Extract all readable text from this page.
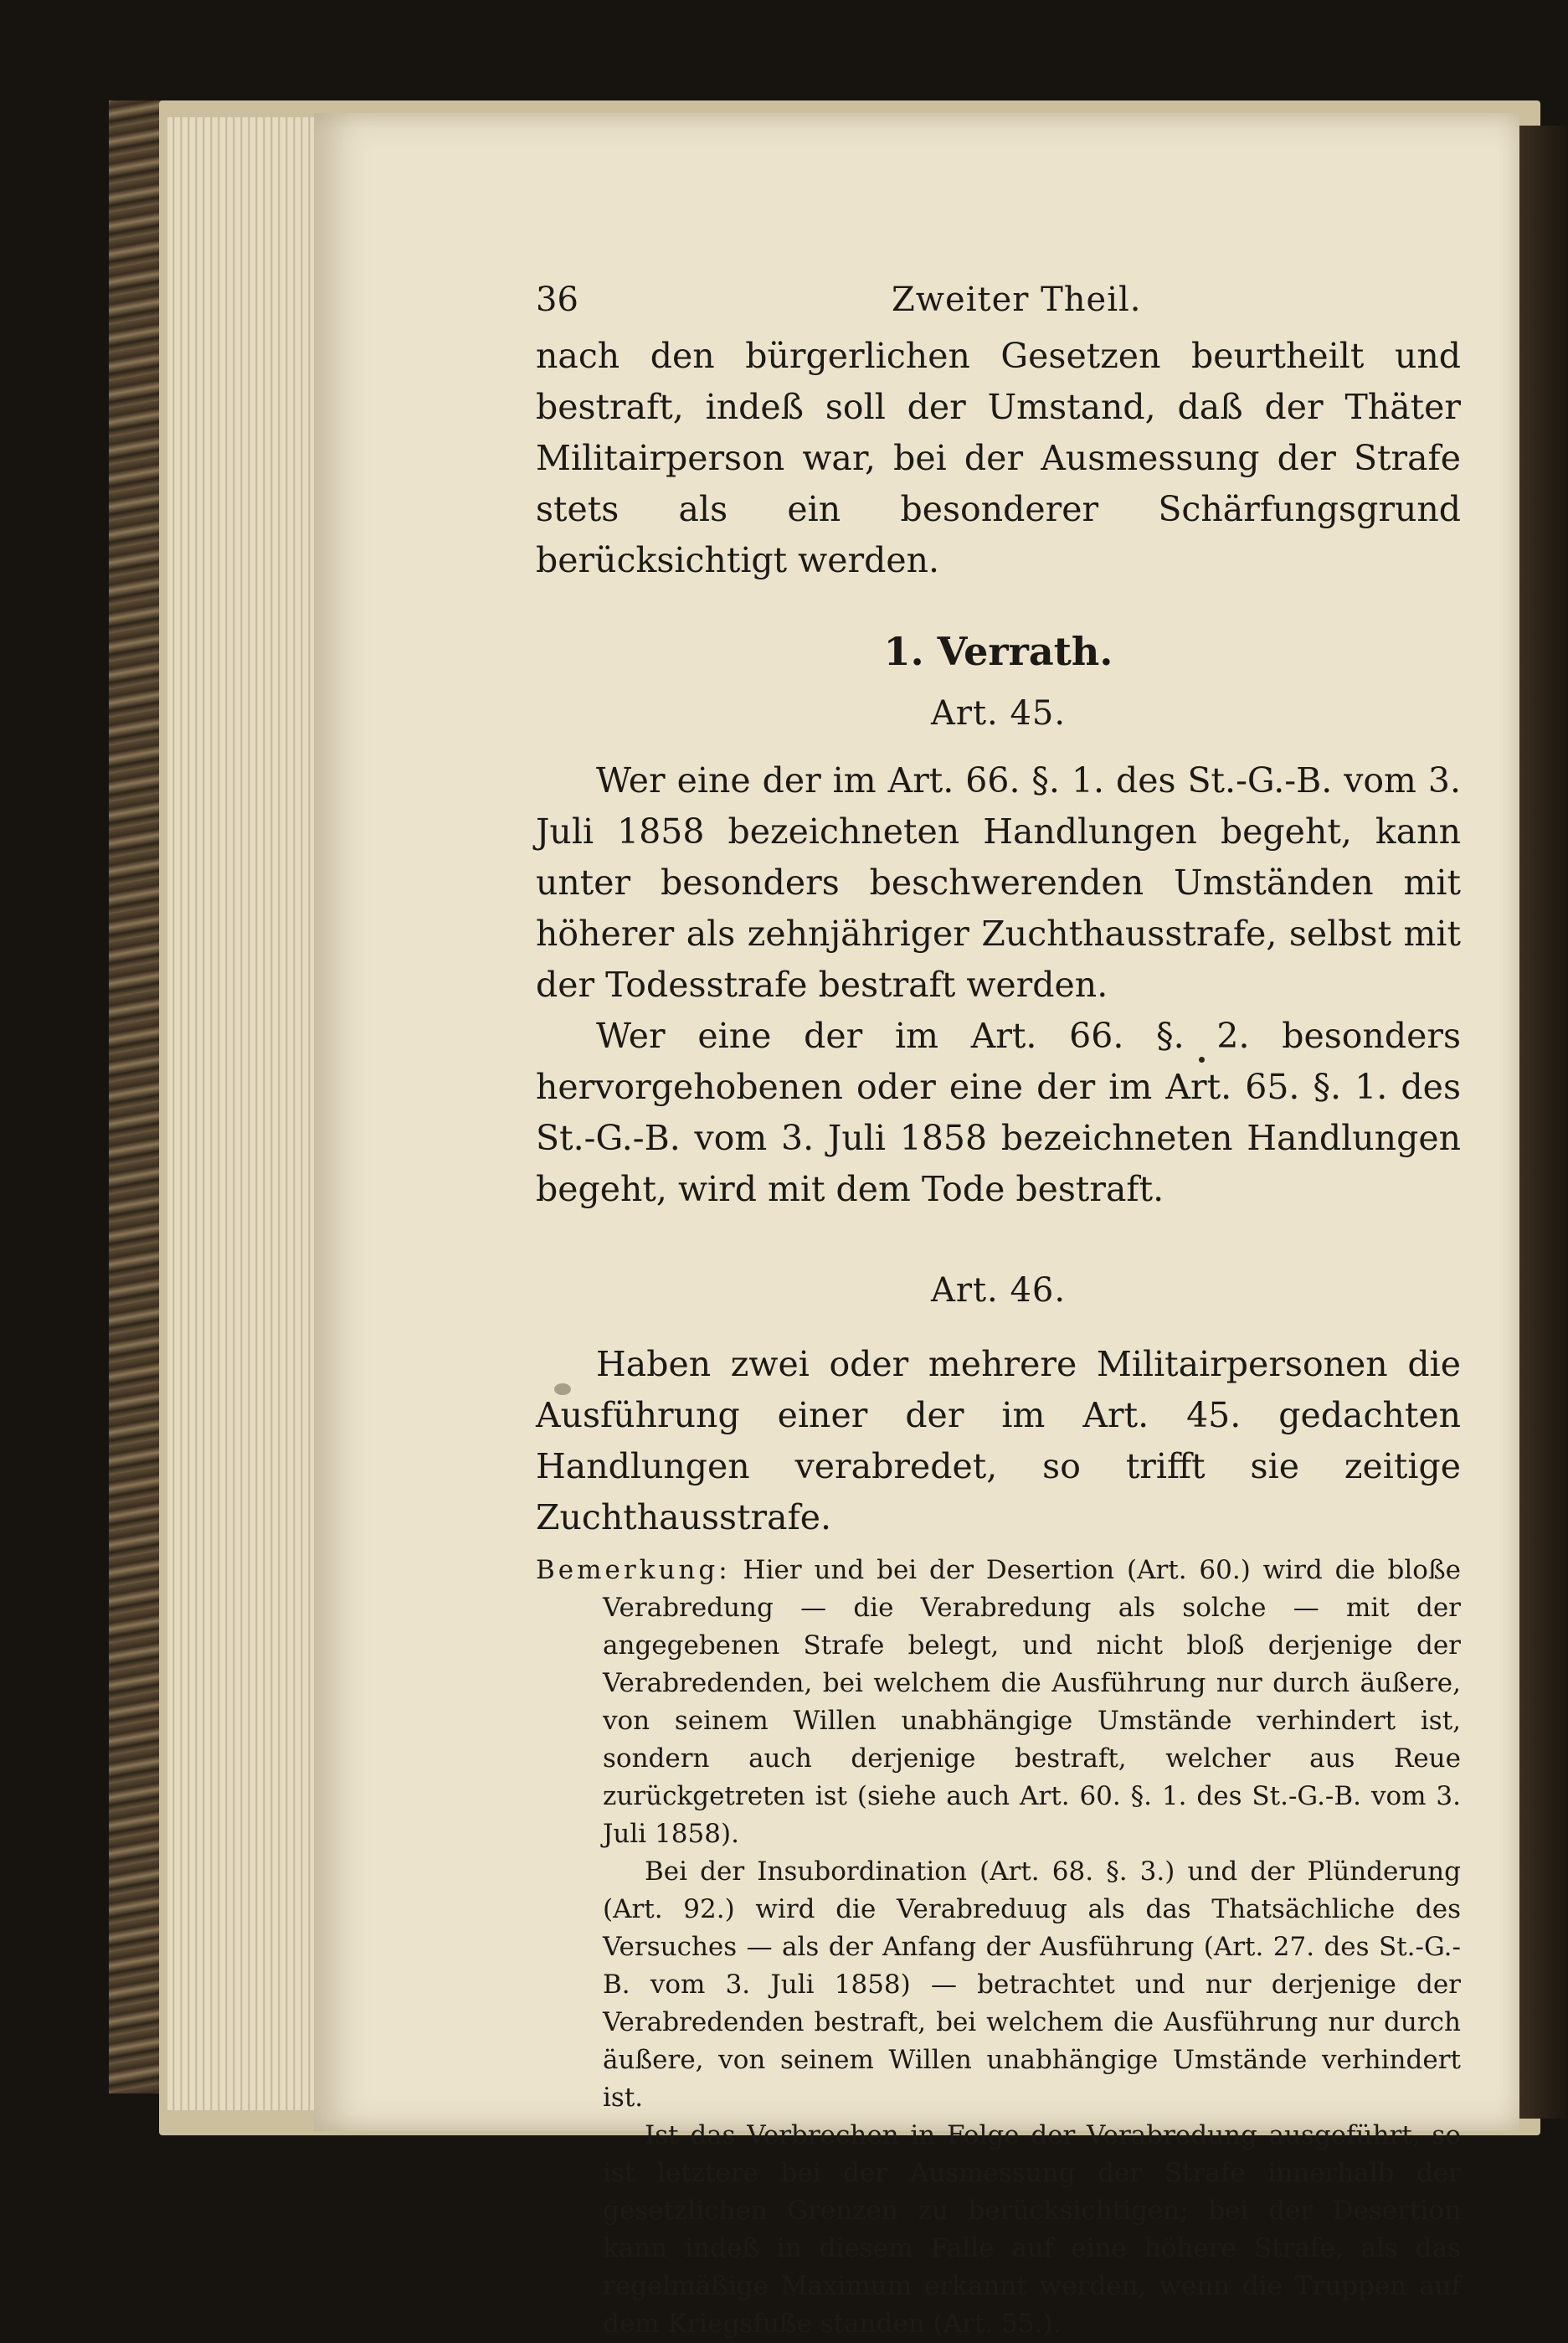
36	Zweiter Theil.

nach den bürgerlichen Gesetzen beurtheilt und bestraft, indeß soll der Umstand, daß der Thäter Militairperson war, bei der Ausmessung der Strafe stets als ein besonderer Schärfungsgrund berücksichtigt werden.

1. Verrath.
Art. 45.

Wer eine der im Art. 66. §. 1. des St.-G.-B. vom 3. Juli 1858 bezeichneten Handlungen begeht, kann unter besonders beschwerenden Umständen mit höherer als zehnjähriger Zuchthausstrafe, selbst mit der Todesstrafe bestraft werden.

Wer eine der im Art. 66. §. 2. besonders hervorgehobenen oder eine der im Art. 65. §. 1. des St.-G.-B. vom 3. Juli 1858 bezeichneten Handlungen begeht, wird mit dem Tode bestraft.

Art. 46.

Haben zwei oder mehrere Militairpersonen die Ausführung einer der im Art. 45. gedachten Handlungen verabredet, so trifft sie zeitige Zuchthausstrafe.

Bemerkung: Hier und bei der Desertion (Art. 60.) wird die bloße Verabredung — die Verabredung als solche — mit der angegebenen Strafe belegt, und nicht bloß derjenige der Verabredenden, bei welchem die Ausführung nur durch äußere, von seinem Willen unabhängige Umstände verhindert ist, sondern auch derjenige bestraft, welcher aus Reue zurückgetreten ist (siehe auch Art. 60. §. 1. des St.-G.-B. vom 3. Juli 1858).

Bei der Insubordination (Art. 68. §. 3.) und der Plünderung (Art. 92.) wird die Verabreduug als das Thatsächliche des Versuches — als der Anfang der Ausführung (Art. 27. des St.-G.-B. vom 3. Juli 1858) — betrachtet und nur derjenige der Verabredenden bestraft, bei welchem die Ausführung nur durch äußere, von seinem Willen unabhängige Umstände verhindert ist.

Ist das Verbrechen in Folge der Verabredung ausgeführt, so ist letztere bei der Ausmessung der Strafe innerhalb der gesetzlichen Grenzen zu berücksichtigen; bei der Desertion kann indeß in diesem Falle auf eine höhere Strafe, als das regelmäßige Maximum erkannt werden, wenn die Truppen auf dem Kriegsfuße standen (Art. 55.).
